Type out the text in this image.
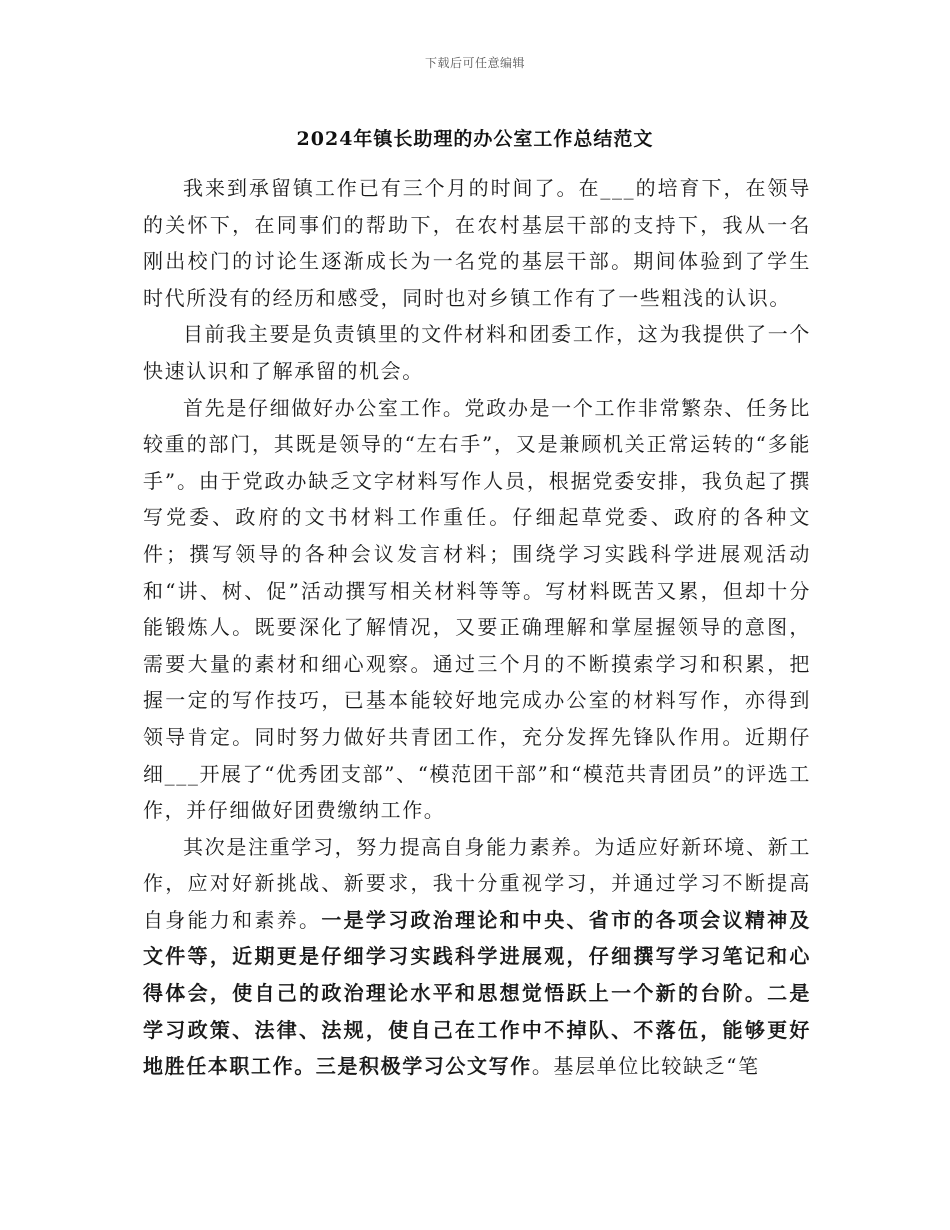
下载后可任意编辑
2024年镇长助理的办公室工作总结范文

我来到承留镇工作已有三个月的时间了。在___的培育下，在领导的关怀下，在同事们的帮助下，在农村基层干部的支持下，我从一名刚出校门的讨论生逐渐成长为一名党的基层干部。期间体验到了学生时代所没有的经历和感受，同时也对乡镇工作有了一些粗浅的认识。

目前我主要是负责镇里的文件材料和团委工作，这为我提供了一个快速认识和了解承留的机会。

首先是仔细做好办公室工作。党政办是一个工作非常繁杂、任务比较重的部门，其既是领导的“左右手”，又是兼顾机关正常运转的“多能手”。由于党政办缺乏文字材料写作人员，根据党委安排，我负起了撰写党委、政府的文书材料工作重任。仔细起草党委、政府的各种文件；撰写领导的各种会议发言材料；围绕学习实践科学进展观活动和“讲、树、促”活动撰写相关材料等等。写材料既苦又累，但却十分能锻炼人。既要深化了解情况，又要正确理解和掌屋握领导的意图，需要大量的素材和细心观察。通过三个月的不断摸索学习和积累，把握一定的写作技巧，已基本能较好地完成办公室的材料写作，亦得到领导肯定。同时努力做好共青团工作，充分发挥先锋队作用。近期仔细___开展了“优秀团支部”、“模范团干部”和“模范共青团员”的评选工作，并仔细做好团费缴纳工作。

其次是注重学习，努力提高自身能力素养。为适应好新环境、新工作，应对好新挑战、新要求，我十分重视学习，并通过学习不断提高自身能力和素养。一是学习政治理论和中央、省市的各项会议精神及文件等，近期更是仔细学习实践科学进展观，仔细撰写学习笔记和心得体会，使自己的政治理论水平和思想觉悟跃上一个新的台阶。二是学习政策、法律、法规，使自己在工作中不掉队、不落伍，能够更好地胜任本职工作。三是积极学习公文写作。基层单位比较缺乏“笔
